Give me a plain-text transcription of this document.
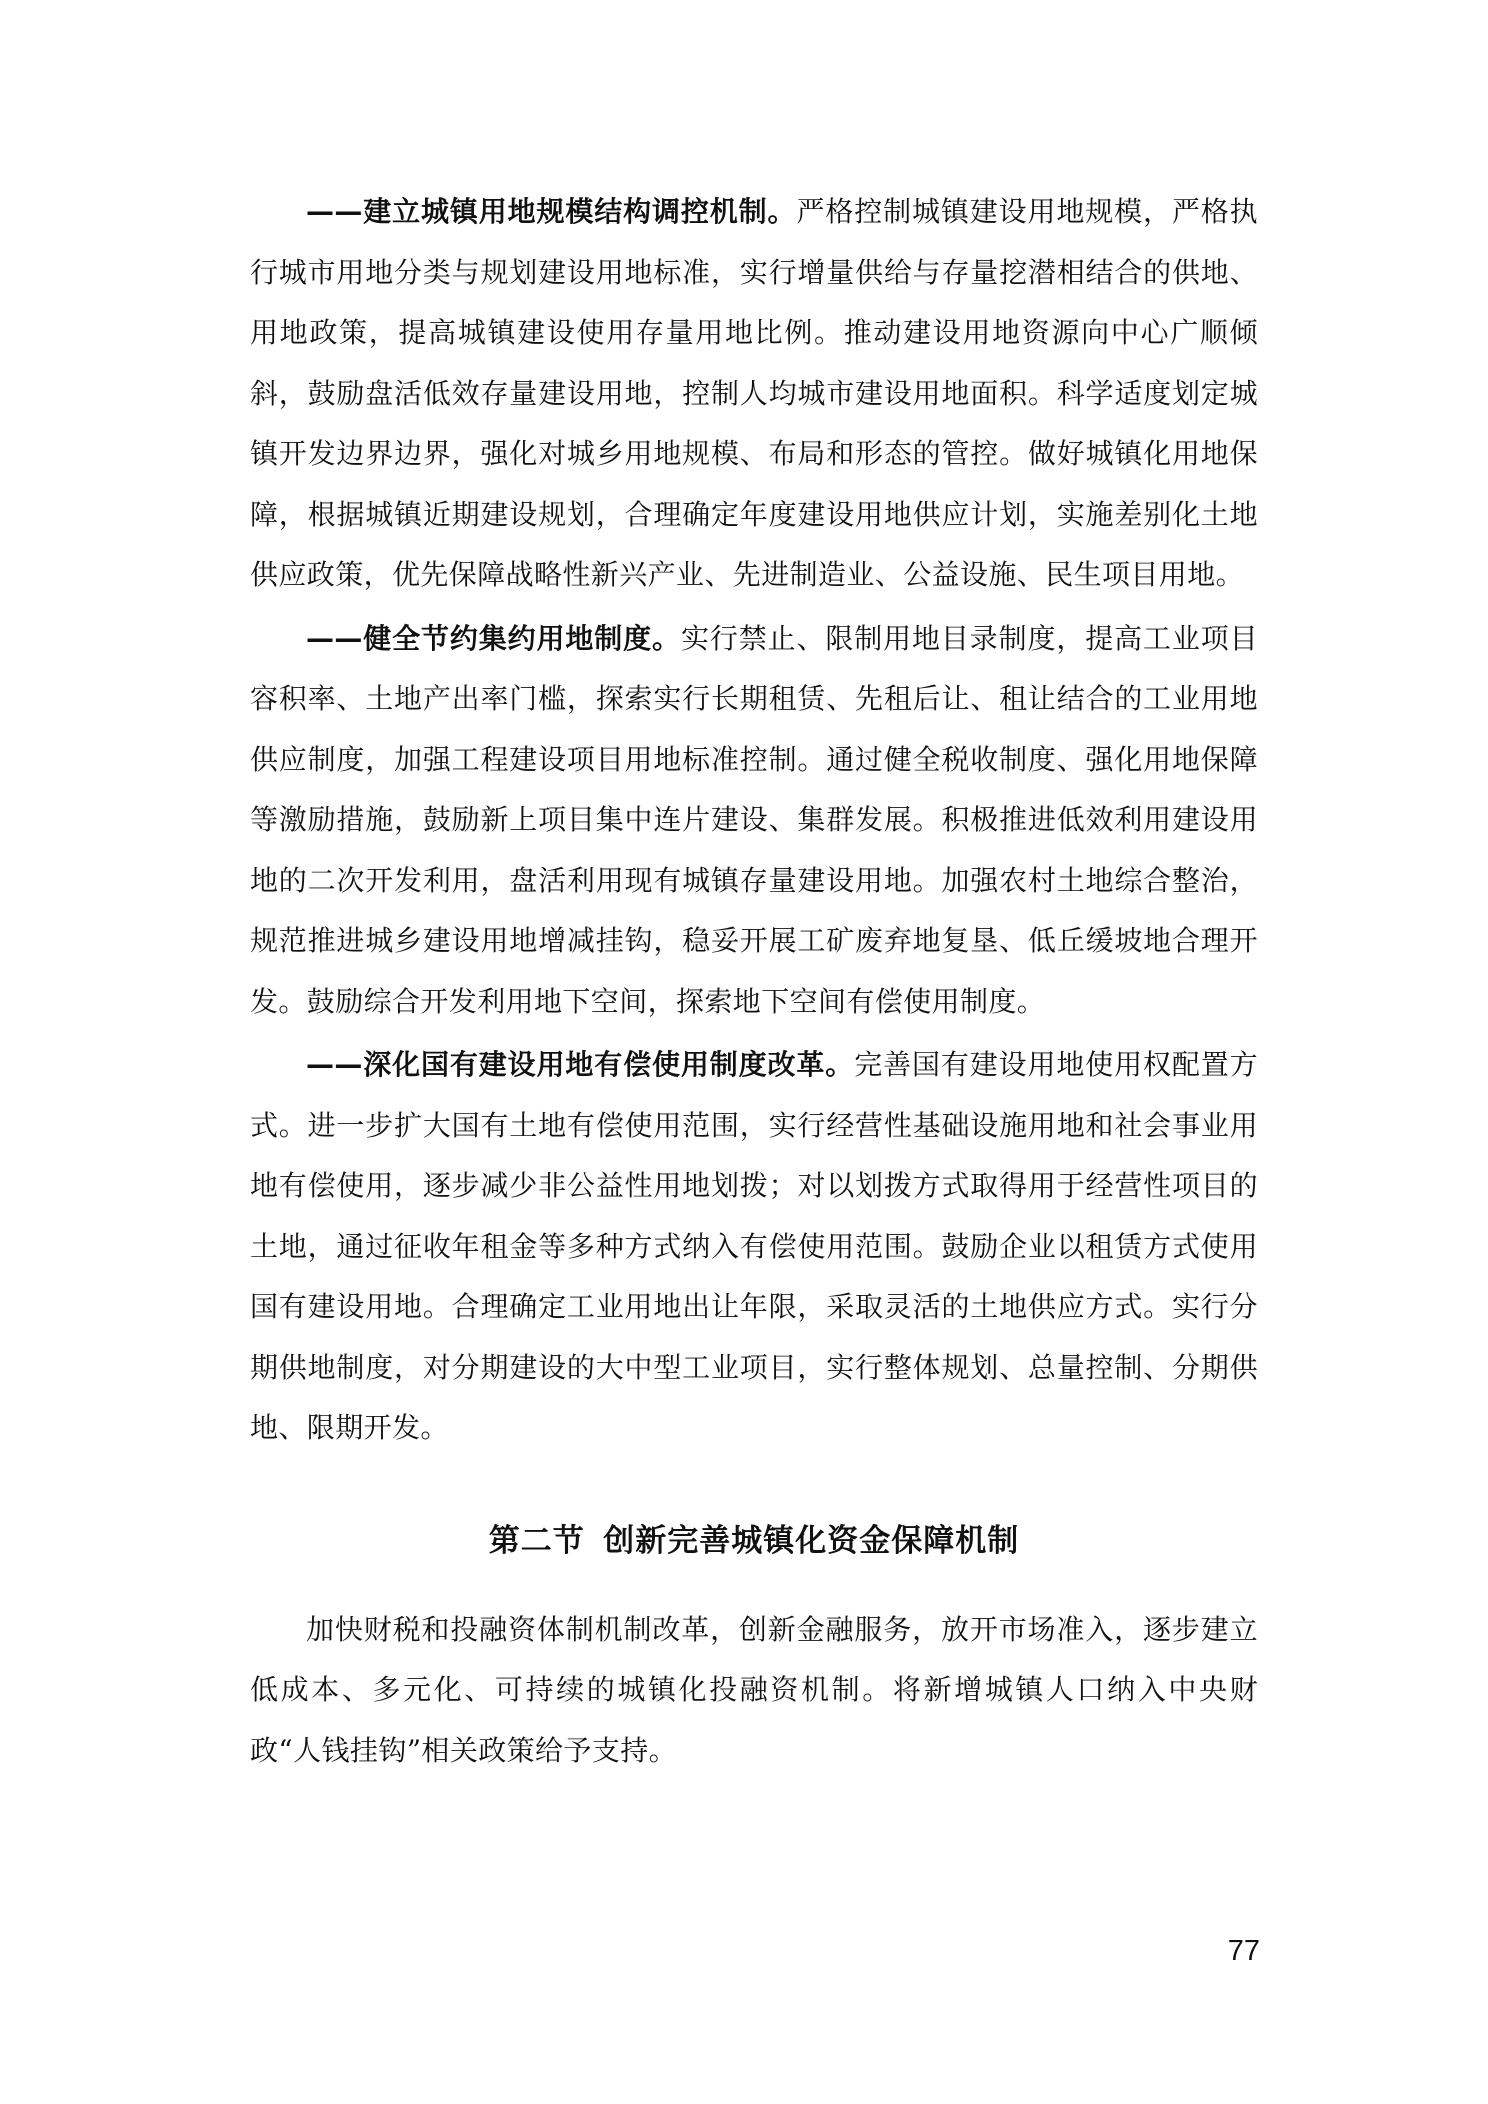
——建立城镇用地规模结构调控机制。严格控制城镇建设用地规模，严格执行城市用地分类与规划建设用地标准，实行增量供给与存量挖潜相结合的供地、用地政策，提高城镇建设使用存量用地比例。推动建设用地资源向中心广顺倾斜，鼓励盘活低效存量建设用地，控制人均城市建设用地面积。科学适度划定城镇开发边界边界，强化对城乡用地规模、布局和形态的管控。做好城镇化用地保障，根据城镇近期建设规划，合理确定年度建设用地供应计划，实施差别化土地供应政策，优先保障战略性新兴产业、先进制造业、公益设施、民生项目用地。

——健全节约集约用地制度。实行禁止、限制用地目录制度，提高工业项目容积率、土地产出率门槛，探索实行长期租赁、先租后让、租让结合的工业用地供应制度，加强工程建设项目用地标准控制。通过健全税收制度、强化用地保障等激励措施，鼓励新上项目集中连片建设、集群发展。积极推进低效利用建设用地的二次开发利用，盘活利用现有城镇存量建设用地。加强农村土地综合整治，规范推进城乡建设用地增减挂钩，稳妥开展工矿废弃地复垦、低丘缓坡地合理开发。鼓励综合开发利用地下空间，探索地下空间有偿使用制度。

——深化国有建设用地有偿使用制度改革。完善国有建设用地使用权配置方式。进一步扩大国有土地有偿使用范围，实行经营性基础设施用地和社会事业用地有偿使用，逐步减少非公益性用地划拨；对以划拨方式取得用于经营性项目的土地，通过征收年租金等多种方式纳入有偿使用范围。鼓励企业以租赁方式使用国有建设用地。合理确定工业用地出让年限，采取灵活的土地供应方式。实行分期供地制度，对分期建设的大中型工业项目，实行整体规划、总量控制、分期供地、限期开发。

第二节 创新完善城镇化资金保障机制

加快财税和投融资体制机制改革，创新金融服务，放开市场准入，逐步建立低成本、多元化、可持续的城镇化投融资机制。将新增城镇人口纳入中央财政“人钱挂钩”相关政策给予支持。

77
